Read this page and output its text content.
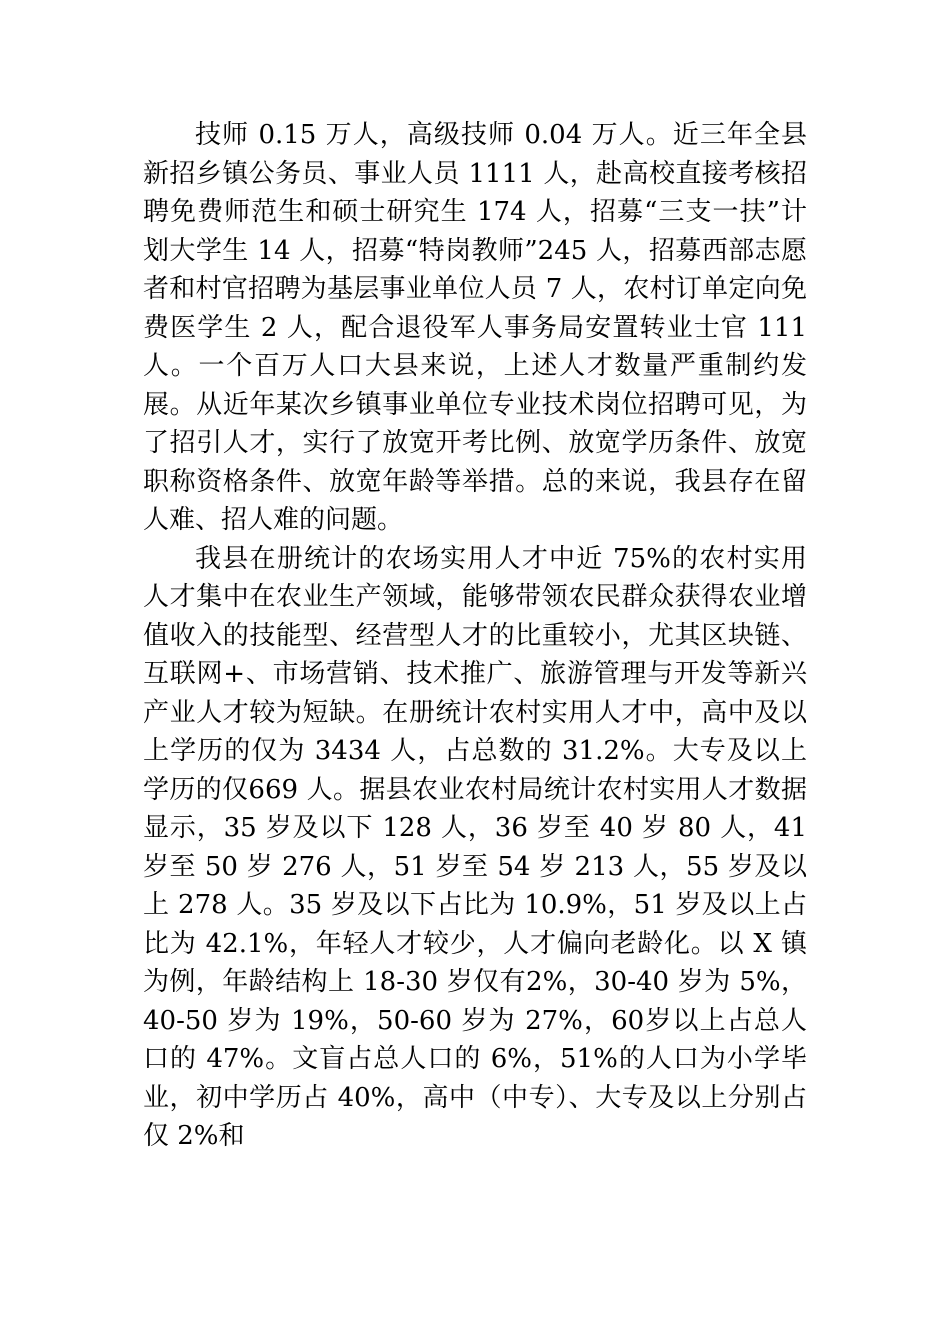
技师 0.15 万人，高级技师 0.04 万人。近三年全县新招乡镇公务员、事业人员 1111 人，赴高校直接考核招聘免费师范生和硕士研究生 174 人，招募“三支一扶”计划大学生 14 人，招募“特岗教师”245 人，招募西部志愿者和村官招聘为基层事业单位人员 7 人，农村订单定向免费医学生 2 人，配合退役军人事务局安置转业士官 111 人。一个百万人口大县来说，上述人才数量严重制约发展。从近年某次乡镇事业单位专业技术岗位招聘可见，为了招引人才，实行了放宽开考比例、放宽学历条件、放宽职称资格条件、放宽年龄等举措。总的来说，我县存在留人难、招人难的问题。

我县在册统计的农场实用人才中近 75%的农村实用人才集中在农业生产领域，能够带领农民群众获得农业增值收入的技能型、经营型人才的比重较小，尤其区块链、互联网+、市场营销、技术推广、旅游管理与开发等新兴产业人才较为短缺。在册统计农村实用人才中，高中及以上学历的仅为 3434 人，占总数的 31.2%。大专及以上学历的仅669 人。据县农业农村局统计农村实用人才数据显示，35 岁及以下 128 人，36 岁至 40 岁 80 人，41 岁至 50 岁 276 人，51 岁至 54 岁 213 人，55 岁及以上 278 人。35 岁及以下占比为 10.9%，51 岁及以上占比为 42.1%，年轻人才较少，人才偏向老龄化。以 X 镇为例，年龄结构上 18-30 岁仅有2%，30-40 岁为 5%，40-50 岁为 19%，50-60 岁为 27%，60岁以上占总人口的 47%。文盲占总人口的 6%，51%的人口为小学毕业，初中学历占 40%，高中（中专）、大专及以上分别占仅 2%和
